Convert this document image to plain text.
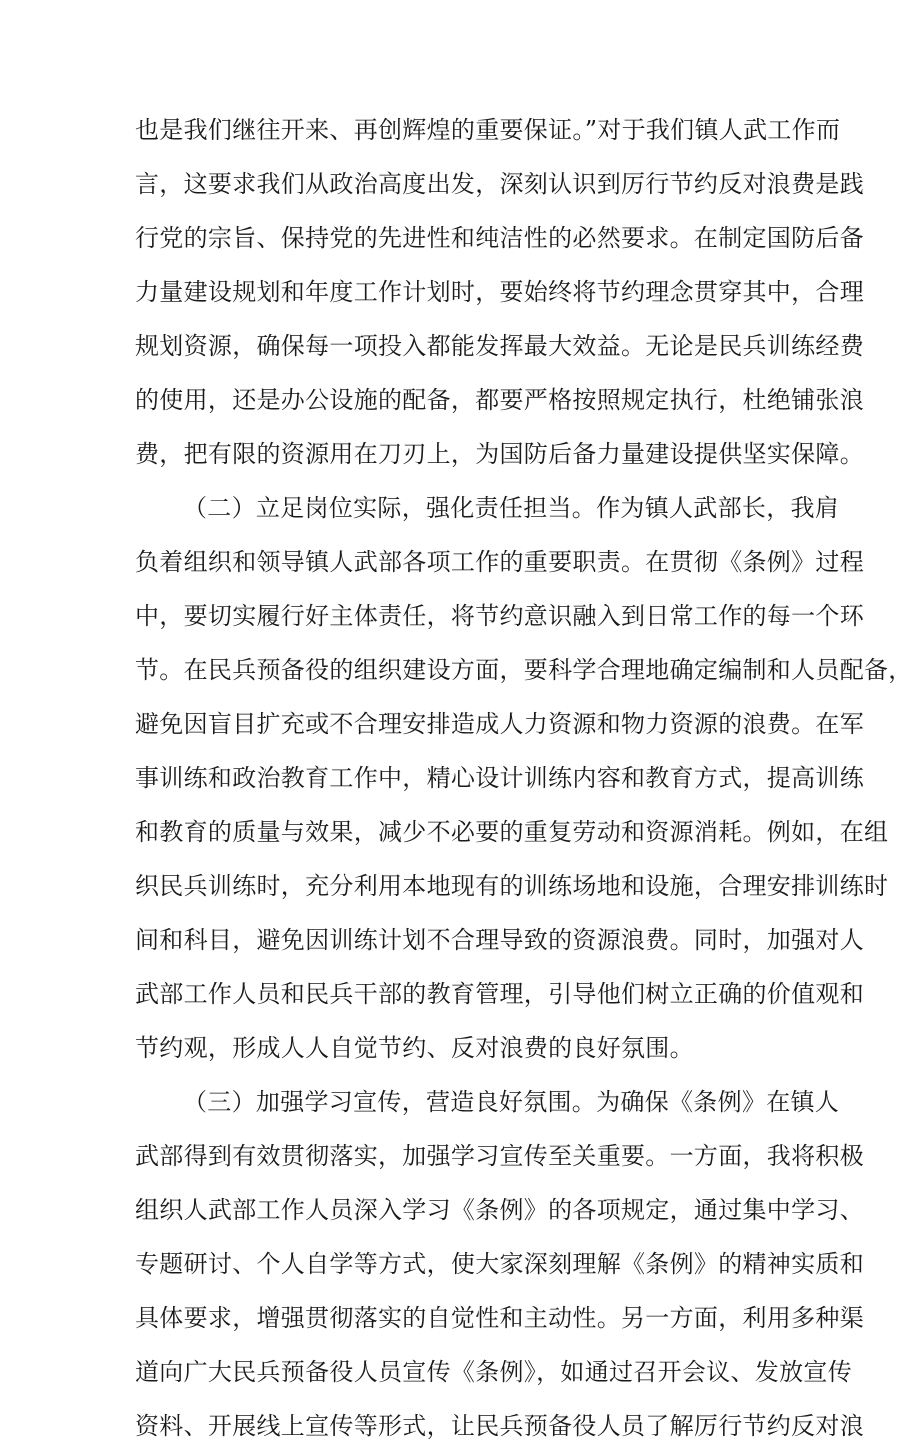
也是我们继往开来、再创辉煌的重要保证。”对于我们镇人武工作而
言，这要求我们从政治高度出发，深刻认识到厉行节约反对浪费是践
行党的宗旨、保持党的先进性和纯洁性的必然要求。在制定国防后备
力量建设规划和年度工作计划时，要始终将节约理念贯穿其中，合理
规划资源，确保每一项投入都能发挥最大效益。无论是民兵训练经费
的使用，还是办公设施的配备，都要严格按照规定执行，杜绝铺张浪
费，把有限的资源用在刀刃上，为国防后备力量建设提供坚实保障。
（二）立足岗位实际，强化责任担当。作为镇人武部长，我肩
负着组织和领导镇人武部各项工作的重要职责。在贯彻《条例》过程
中，要切实履行好主体责任，将节约意识融入到日常工作的每一个环
节。在民兵预备役的组织建设方面，要科学合理地确定编制和人员配备，
避免因盲目扩充或不合理安排造成人力资源和物力资源的浪费。在军
事训练和政治教育工作中，精心设计训练内容和教育方式，提高训练
和教育的质量与效果，减少不必要的重复劳动和资源消耗。例如，在组
织民兵训练时，充分利用本地现有的训练场地和设施，合理安排训练时
间和科目，避免因训练计划不合理导致的资源浪费。同时，加强对人
武部工作人员和民兵干部的教育管理，引导他们树立正确的价值观和
节约观，形成人人自觉节约、反对浪费的良好氛围。
（三）加强学习宣传，营造良好氛围。为确保《条例》在镇人
武部得到有效贯彻落实，加强学习宣传至关重要。一方面，我将积极
组织人武部工作人员深入学习《条例》的各项规定，通过集中学习、
专题研讨、个人自学等方式，使大家深刻理解《条例》的精神实质和
具体要求，增强贯彻落实的自觉性和主动性。另一方面，利用多种渠
道向广大民兵预备役人员宣传《条例》，如通过召开会议、发放宣传
资料、开展线上宣传等形式，让民兵预备役人员了解厉行节约反对浪
